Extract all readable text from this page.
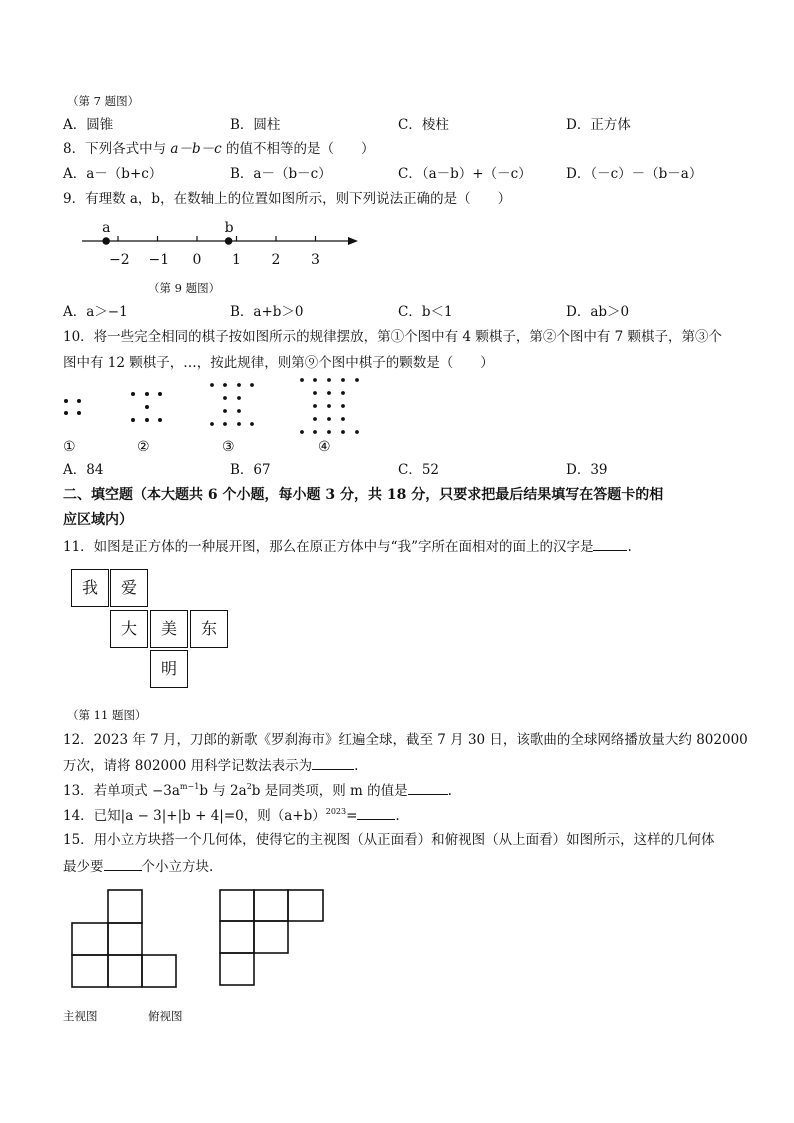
（第 7 题图）
A．圆锥	B．圆柱	C．棱柱	D．正方体
8．下列各式中与 a－b－c 的值不相等的是（　　）
A．a－（b+c）	B．a－（b－c）	C．（a－b）+（－c）	D．（－c）－（b－a）
9．有理数 a，b，在数轴上的位置如图所示，则下列说法正确的是（　　）
−2 −1	0	1	2	3
a	b
（第 9 题图）
A．a＞−1	B．a+b＞0	C．b＜1	D．ab＞0
10．将一些完全相同的棋子按如图所示的规律摆放，第①个图中有 4 颗棋子，第②个图中有 7 颗棋子，第③个
图中有 12 颗棋子，…，按此规律，则第⑨个图中棋子的颗数是（　　）
①	②	③	④
A．84	B．67	C．52	D．39
二、填空题（本大题共 6 个小题，每小题 3 分，共 18 分，只要求把最后结果填写在答题卡的相
应区域内）
11．如图是正方体的一种展开图，那么在原正方体中与“我”字所在面相对的面上的汉字是	.
我	爱
大	美	东
明
（第 11 题图）
12．2023 年 7 月，刀郎的新歌《罗刹海市》红遍全球，截至 7 月 30 日，该歌曲的全球网络播放量大约 802000
万次，请将 802000 用科学记数法表示为	.
13．若单项式 $-3a^{m-1}b$ 与 $2a^2b$ 是同类项，则 m 的值是	.
14．已知|a − 3|+|b + 4|=0，则$(a+b)^{2023}=$	.
15．用小立方块搭一个几何体，使得它的主视图（从正面看）和俯视图（从上面看）如图所示，这样的几何体
最少要	个小立方块.
主视图	俯视图
